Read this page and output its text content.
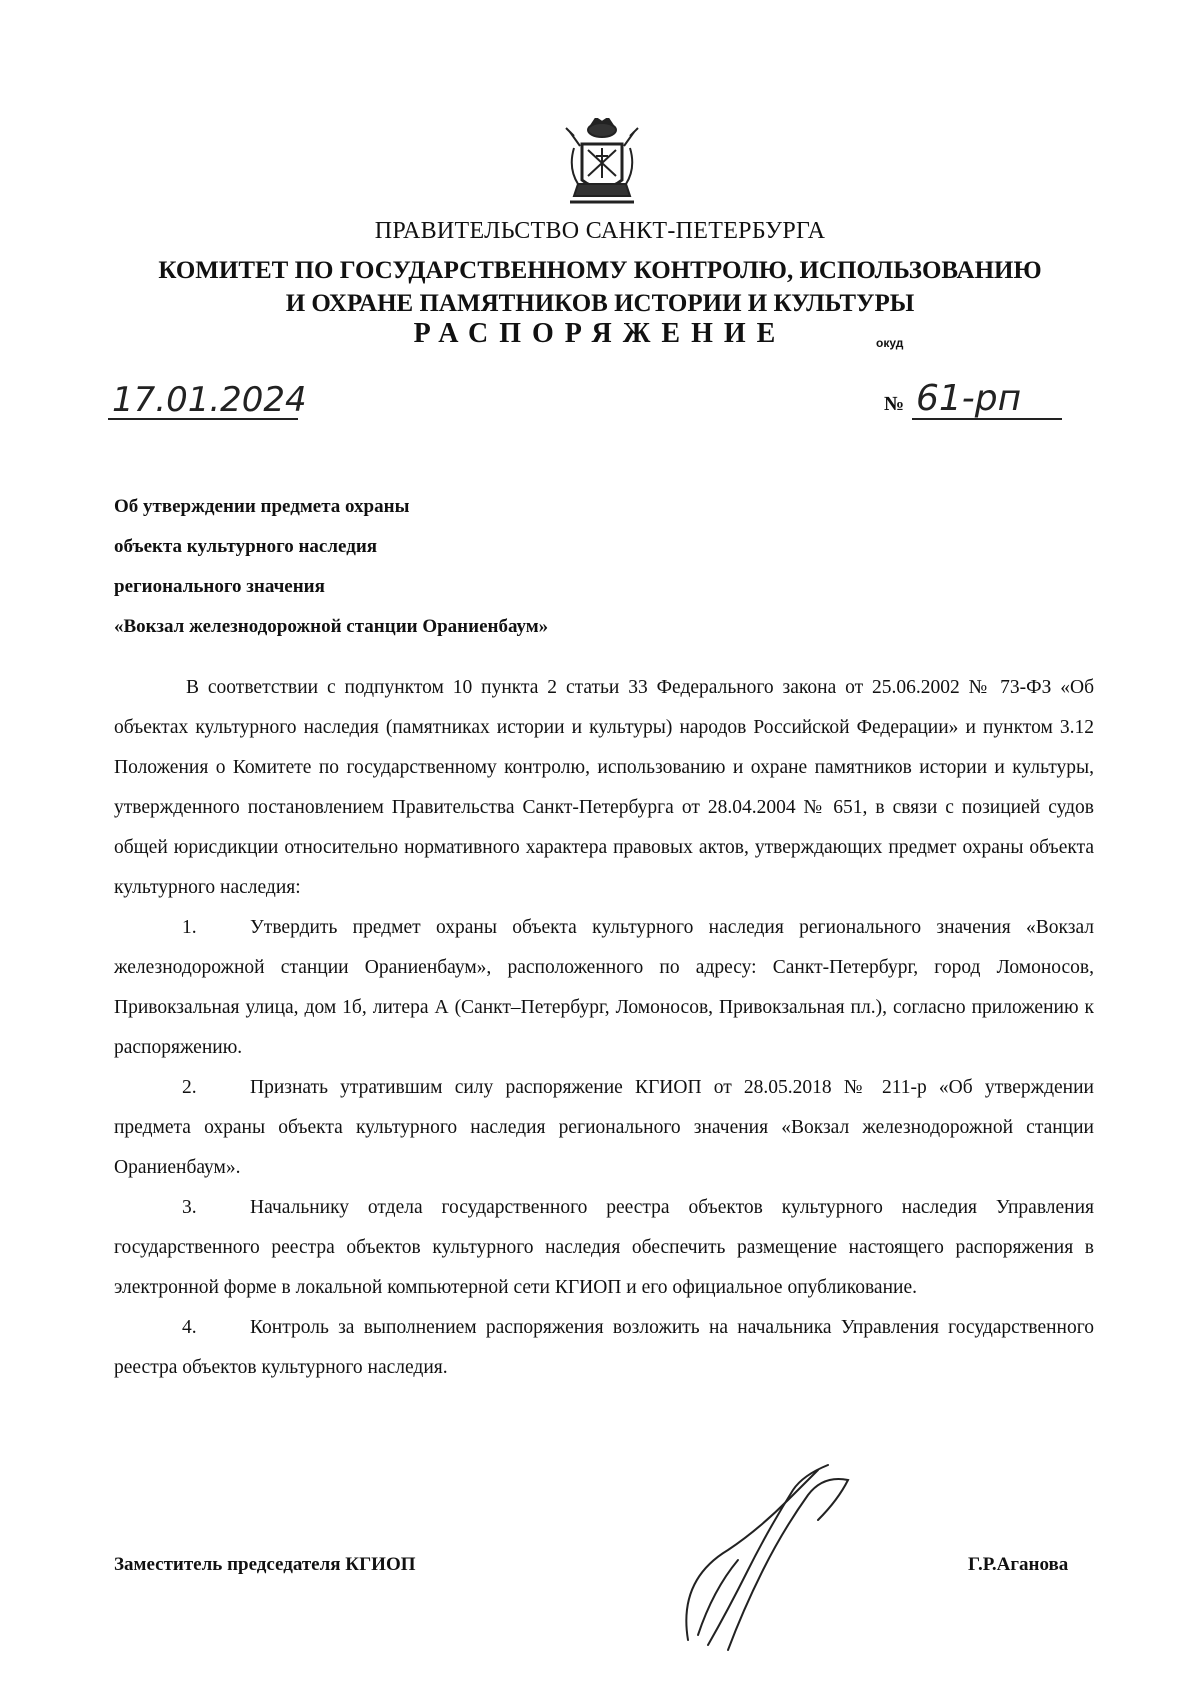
ПРАВИТЕЛЬСТВО САНКТ-ПЕТЕРБУРГА
КОМИТЕТ ПО ГОСУДАРСТВЕННОМУ КОНТРОЛЮ, ИСПОЛЬЗОВАНИЮ
И ОХРАНЕ ПАМЯТНИКОВ ИСТОРИИ И КУЛЬТУРЫ
РАСПОРЯЖЕНИЕ	окуд
17.01.2024	№ 61-рп
Об утверждении предмета охраны
объекта культурного наследия
регионального значения
«Вокзал железнодорожной станции Ораниенбаум»

В соответствии с подпунктом 10 пункта 2 статьи 33 Федерального закона от 25.06.2002 № 73-ФЗ «Об объектах культурного наследия (памятниках истории и культуры) народов Российской Федерации» и пунктом 3.12 Положения о Комитете по государственному контролю, использованию и охране памятников истории и культуры, утвержденного постановлением Правительства Санкт-Петербурга от 28.04.2004 № 651, в связи с позицией судов общей юрисдикции относительно нормативного характера правовых актов, утверждающих предмет охраны объекта культурного наследия:

1.	Утвердить предмет охраны объекта культурного наследия регионального значения «Вокзал железнодорожной станции Ораниенбаум», расположенного по адресу: Санкт-Петербург, город Ломоносов, Привокзальная улица, дом 1б, литера А (Санкт–Петербург, Ломоносов, Привокзальная пл.), согласно приложению к распоряжению.

2.	Признать утратившим силу распоряжение КГИОП от 28.05.2018 № 211-р «Об утверждении предмета охраны объекта культурного наследия регионального значения «Вокзал железнодорожной станции Ораниенбаум».

3.	Начальнику отдела государственного реестра объектов культурного наследия Управления государственного реестра объектов культурного наследия обеспечить размещение настоящего распоряжения в электронной форме в локальной компьютерной сети КГИОП и его официальное опубликование.

4.	Контроль за выполнением распоряжения возложить на начальника Управления государственного реестра объектов культурного наследия.

Заместитель председателя КГИОП	Г.Р.Аганова
